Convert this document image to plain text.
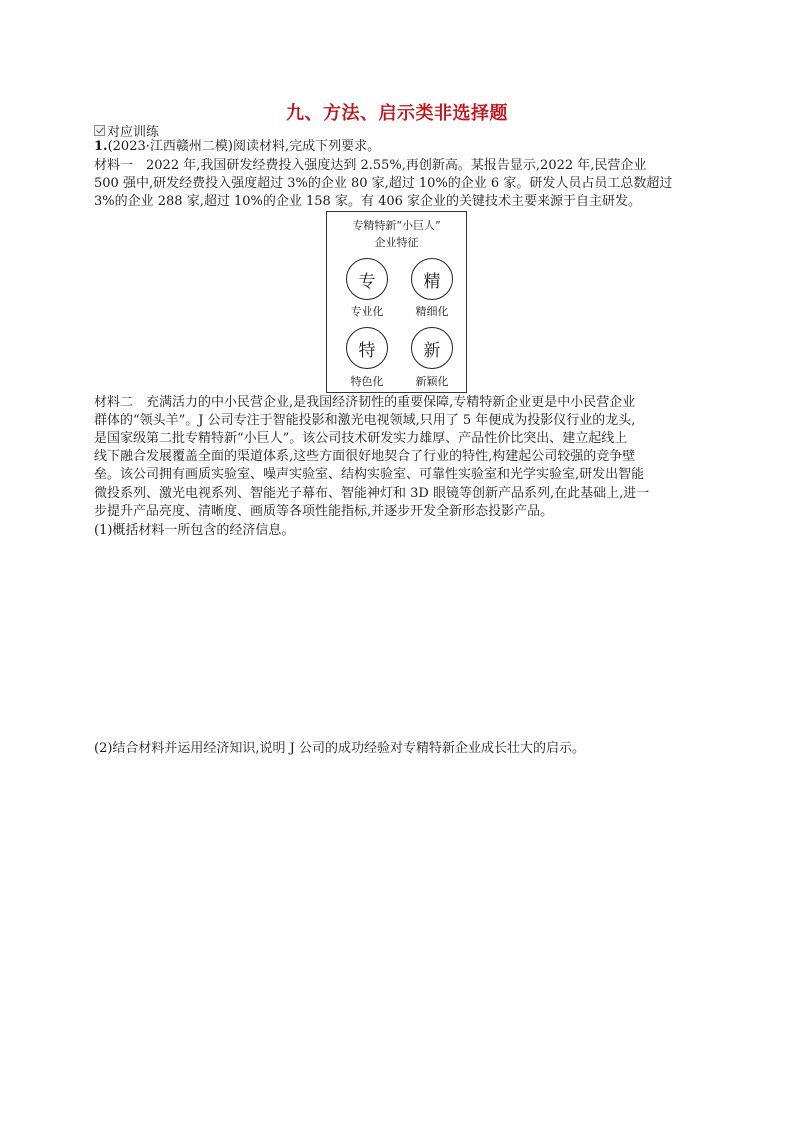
九、方法、启示类非选择题
对应训练
1.(2023·江西赣州二模)阅读材料,完成下列要求。
材料一　2022 年,我国研发经费投入强度达到 2.55%,再创新高。某报告显示,2022 年,民营企业
500 强中,研发经费投入强度超过 3%的企业 80 家,超过 10%的企业 6 家。研发人员占员工总数超过
3%的企业 288 家,超过 10%的企业 158 家。有 406 家企业的关键技术主要来源于自主研发。
专精特新“小巨人”
企业特征
专	精
专业化	精细化
特	新
特色化	新颖化
材料二　充满活力的中小民营企业,是我国经济韧性的重要保障,专精特新企业更是中小民营企业
群体的“领头羊”。J 公司专注于智能投影和激光电视领域,只用了 5 年便成为投影仪行业的龙头,
是国家级第二批专精特新“小巨人”。该公司技术研发实力雄厚、产品性价比突出、建立起线上
线下融合发展覆盖全面的渠道体系,这些方面很好地契合了行业的特性,构建起公司较强的竞争壁
垒。该公司拥有画质实验室、噪声实验室、结构实验室、可靠性实验室和光学实验室,研发出智能
微投系列、激光电视系列、智能光子幕布、智能神灯和 3D 眼镜等创新产品系列,在此基础上,进一
步提升产品亮度、清晰度、画质等各项性能指标,并逐步开发全新形态投影产品。
(1)概括材料一所包含的经济信息。
(2)结合材料并运用经济知识,说明 J 公司的成功经验对专精特新企业成长壮大的启示。
